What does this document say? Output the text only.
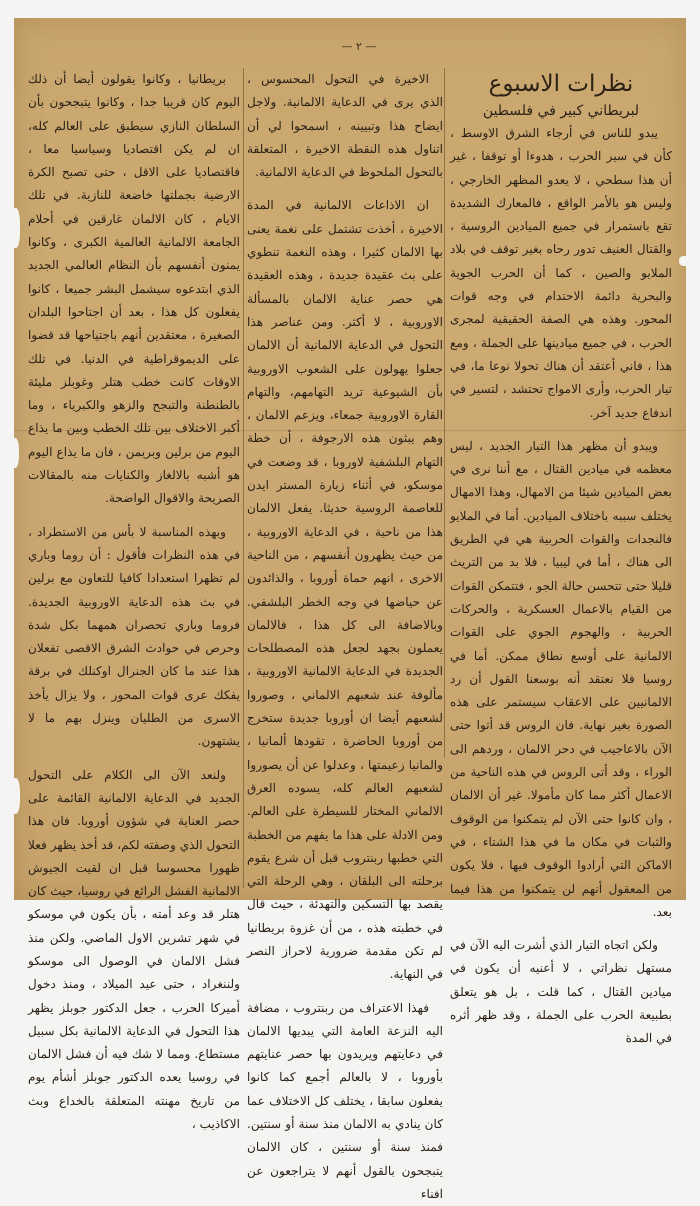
— ٢ —

نظرات الاسبوع

لبريطاني كبير في فلسطين

يبدو للناس في أرجاء الشرق الاوسط ، كأن في سير الحرب ، هدوءا أو توقفا ، غير أن هذا سطحي ، لا يعدو المظهر الخارجي ، وليس هو بالأمر الواقع ، فالمعارك الشديدة تقع باستمرار في جميع الميادين الروسية ، والقتال العنيف تدور رحاه بغير توقف في بلاد الملايو والصين ، كما أن الحرب الجوية والبحرية دائمة الاحتدام في وجه قوات المحور. وهذه هي الصفة الحقيقية لمجرى الحرب ، في جميع ميادينها على الجملة ، ومع هذا ، فاني أعتقد أن هناك تحولا نوعا ما، في تيار الحرب، وأرى الامواج تحتشد ، لتسير في اندفاع جديد آخر.

ويبدو أن مظهر هذا التيار الجديد ، ليس معظمه في ميادين القتال ، مع أننا نرى في بعض الميادين شيئا من الامهال، وهذا الامهال يختلف سببه باختلاف الميادين. أما في الملايو فالنجدات والقوات الحربية هي في الطريق الى هناك ، أما في ليبيا ، فلا بد من التريث قليلا حتى تتحسن حالة الجو ، فتتمكن القوات من القيام بالاعمال العسكرية ، والحركات الحربية ، والهجوم الجوي على القوات الالمانية على أوسع نطاق ممكن. أما في روسيا فلا نعتقد أنه بوسعنا القول أن رد الالمانيين على الاعقاب سيستمر على هذه الصورة بغير نهاية. فان الروس قد أتوا حتى الآن بالاعاجيب في دحر الالمان ، وردهم الى الوراء ، وقد أتى الروس في هذه الناحية من الاعمال أكثر مما كان مأمولا. غير أن الالمان ، وان كانوا حتى الآن لم يتمكنوا من الوقوف والثبات في مكان ما في هذا الشتاء ، في الاماكن التي أرادوا الوقوف فيها ، فلا يكون من المعقول أنهم لن يتمكنوا من هذا فيما بعد.

ولكن اتجاه التيار الذي أشرت اليه الآن في مستهل نظراتي ، لا أعنيه أن يكون في ميادين القتال ، كما قلت ، بل هو يتعلق بطبيعة الحرب على الجملة ، وقد ظهر أثره في المدة

الاخيرة في التحول المحسوس ، الذي يرى في الدعاية الالمانية. ولاجل ايضاح هذا وتبيينه ، اسمحوا لي أن اتناول هذه النقطة الاخيرة ، المتعلقة بالتحول الملحوظ في الدعاية الالمانية.

ان الاذاعات الالمانية في المدة الاخيرة ، أخذت تشتمل على نغمة يعنى بها الالمان كثيرا ، وهذه النغمة تنطوي على بث عقيدة جديدة ، وهذه العقيدة هي حصر عناية الالمان بالمسألة الاوروبية ، لا أكثر. ومن عناصر هذا التحول في الدعاية الالمانية أن الالمان جعلوا يهولون على الشعوب الاوروبية بأن الشيوعية تريد التهامهم، والتهام القارة الاوروبية جمعاء، ويزعم الالمان ، وهم يبثون هذه الارجوفة ، أن خطة التهام البلشفية لاوروبا ، قد وضعت في موسكو، في أثناء زيارة المستر ايدن للعاصمة الروسية حديثا. يفعل الالمان هذا من ناحية ، في الدعاية الاوروبية ، من حيث يظهرون أنفسهم ، من الناحية الاخرى ، انهم حماة أوروبا ، والذائدون عن حياضها في وجه الخطر البلشفي. وبالاضافة الى كل هذا ، فالالمان يعملون بجهد لجعل هذه المصطلحات الجديدة في الدعاية الالمانية الاوروبية ، مألوفة عند شعبهم الالماني ، وصوروا لشعبهم أيضا ان أوروبا جديدة ستخرج من أوروبا الحاضرة ، تقودها ألمانيا ، والمانيا زعيمتها ، وعدلوا عن أن يصوروا لشعبهم العالم كله، يسوده العرق الالماني المختار للسيطرة على العالم. ومن الادلة على هذا ما يفهم من الخطبة التي خطبها ربنتروب قبل أن شرع يقوم برحلته الى البلقان ، وهي الرحلة التي يقصد بها التسكين والتهدئة ، حيث قال في خطبته هذه ، من أن غزوة بريطانيا لم تكن مقدمة ضرورية لاحراز النصر في النهاية.

فهذا الاعتراف من ربنتروب ، مضافة اليه النزعة العامة التي يبديها الالمان في دعايتهم ويريدون بها حصر عنايتهم بأوروبا ، لا بالعالم أجمع كما كانوا يفعلون سابقا ، يختلف كل الاختلاف عما كان ينادي به الالمان منذ سنة أو سنتين. فمنذ سنة أو سنتين ، كان الالمان يتبجحون بالقول أنهم لا يتراجعون عن افناء

بريطانيا ، وكانوا يقولون أيضا أن ذلك اليوم كان قريبا جدا ، وكانوا يتبجحون بأن السلطان النازي سيطبق على العالم كله، ان لم يكن اقتصاديا وسياسيا معا ، فاقتصاديا على الاقل ، حتى تصبح الكرة الارضية بجملتها خاضعة للنازية. في تلك الايام ، كان الالمان غارقين في أحلام الجامعة الالمانية العالمية الكبرى ، وكانوا يمنون أنفسهم بأن النظام العالمي الجديد الذي ابتدعوه سيشمل البشر جميعا ، كانوا يفعلون كل هذا ، بعد أن اجتاحوا البلدان الصغيرة ، معتقدين أنهم باجتياحها قد قضوا على الديموقراطية في الدنيا. في تلك الاوقات كانت خطب هتلر وغوبلز مليئة بالطنطنة والتبجح والزهو والكبرياء ، وما أكبر الاختلاف بين تلك الخطب وبين ما يذاع اليوم من برلين وبريمن ، فان ما يذاع اليوم هو أشبه بالالغاز والكنايات منه بالمقالات الصريحة والاقوال الواضحة.

وبهذه المناسبة لا بأس من الاستطراد ، في هذه النظرات فأقول : أن روما وباري لم تظهرا استعدادا كافيا للتعاون مع برلين في بث هذه الدعاية الاوروبية الجديدة. فروما وباري تحصران همهما بكل شدة وحرص في حوادث الشرق الاقصى تفعلان هذا عند ما كان الجنرال اوكنلك في برقة يفكك عرى قوات المحور ، ولا يزال يأخذ الاسرى من الطليان وينزل بهم ما لا يشتهون.

ولنعد الآن الى الكلام على التحول الجديد في الدعاية الالمانية القائمة على حصر العناية في شؤون أوروبا. فان هذا التحول الذي وصفته لكم، قد أخذ يظهر فعلا ظهورا محسوسا قبل ان لقيت الجيوش الالمانية الفشل الرائع في روسيا، حيث كان هتلر قد وعد أمته ، بأن يكون في موسكو في شهر تشرين الاول الماضي. ولكن منذ فشل الالمان في الوصول الى موسكو ولننغراد ، حتى عيد الميلاد ، ومنذ دخول أميركا الحرب ، جعل الدكتور جوبلز يظهر هذا التحول في الدعاية الالمانية بكل سبيل مستطاع. ومما لا شك فيه أن فشل الالمان في روسيا يعده الدكتور جوبلز أشأم يوم من تاريخ مهنته المتعلقة بالخداع وبث الاكاذيب ،
